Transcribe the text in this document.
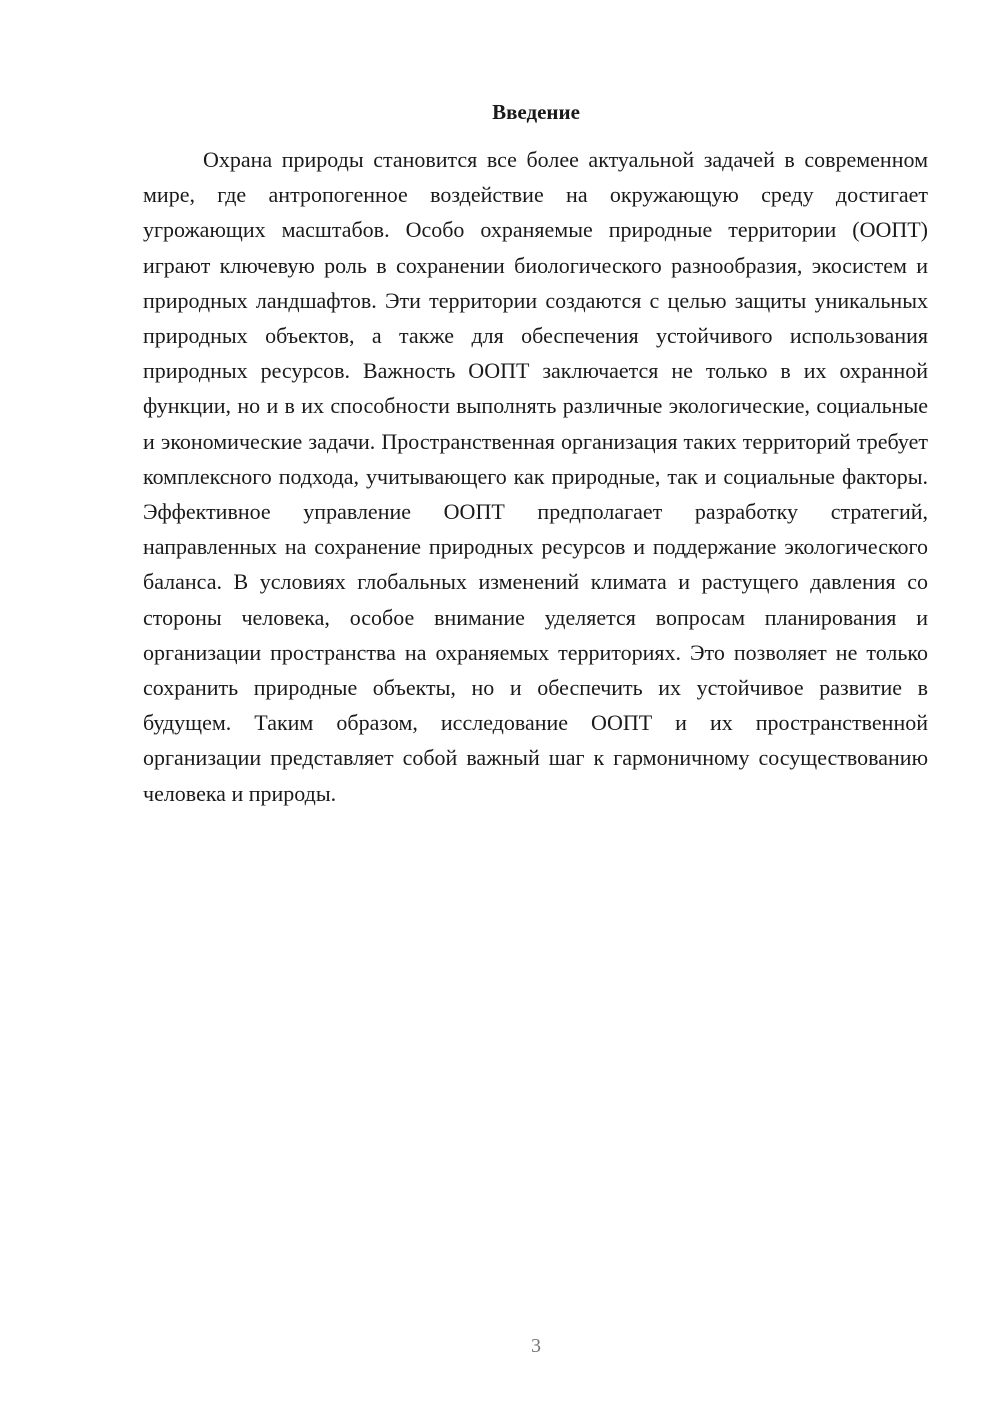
Введение

Охрана природы становится все более актуальной задачей в современном мире, где антропогенное воздействие на окружающую среду достигает угрожающих масштабов. Особо охраняемые природные территории (ООПТ) играют ключевую роль в сохранении биологического разнообразия, экосистем и природных ландшафтов. Эти территории создаются с целью защиты уникальных природных объектов, а также для обеспечения устойчивого использования природных ресурсов. Важность ООПТ заключается не только в их охранной функции, но и в их способности выполнять различные экологические, социальные и экономические задачи. Пространственная организация таких территорий требует комплексного подхода, учитывающего как природные, так и социальные факторы. Эффективное управление ООПТ предполагает разработку стратегий, направленных на сохранение природных ресурсов и поддержание экологического баланса. В условиях глобальных изменений климата и растущего давления со стороны человека, особое внимание уделяется вопросам планирования и организации пространства на охраняемых территориях. Это позволяет не только сохранить природные объекты, но и обеспечить их устойчивое развитие в будущем. Таким образом, исследование ООПТ и их пространственной организации представляет собой важный шаг к гармоничному сосуществованию человека и природы.

3
